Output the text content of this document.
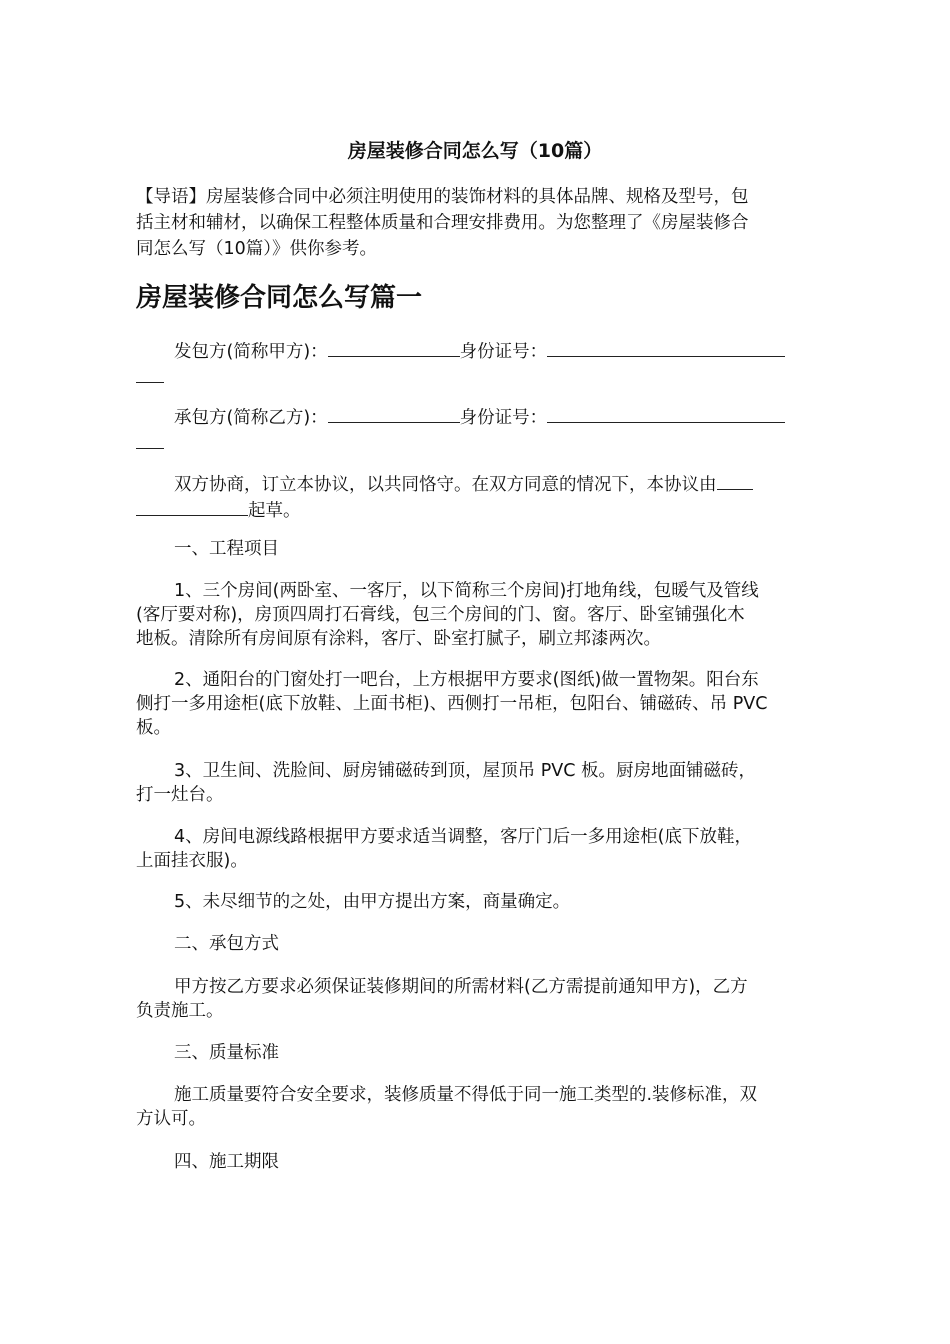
房屋装修合同怎么写（10篇）
【导语】房屋装修合同中必须注明使用的装饰材料的具体品牌、规格及型号，包
括主材和辅材，以确保工程整体质量和合理安排费用。为您整理了《房屋装修合
同怎么写（10篇）》供你参考。
房屋装修合同怎么写篇一
发包方(简称甲方)：	身份证号：
承包方(简称乙方)：	身份证号：
双方协商，订立本协议，以共同恪守。在双方同意的情况下，本协议由
起草。
一、工程项目
1、三个房间(两卧室、一客厅，以下简称三个房间)打地角线，包暖气及管线
(客厅要对称)，房顶四周打石膏线，包三个房间的门、窗。客厅、卧室铺强化木
地板。清除所有房间原有涂料，客厅、卧室打腻子，刷立邦漆两次。
2、通阳台的门窗处打一吧台，上方根据甲方要求(图纸)做一置物架。阳台东
侧打一多用途柜(底下放鞋、上面书柜)、西侧打一吊柜，包阳台、铺磁砖、吊 PVC
板。
3、卫生间、洗脸间、厨房铺磁砖到顶，屋顶吊 PVC 板。厨房地面铺磁砖，
打一灶台。
4、房间电源线路根据甲方要求适当调整，客厅门后一多用途柜(底下放鞋，
上面挂衣服)。
5、未尽细节的之处，由甲方提出方案，商量确定。
二、承包方式
甲方按乙方要求必须保证装修期间的所需材料(乙方需提前通知甲方)，乙方
负责施工。
三、质量标准
施工质量要符合安全要求，装修质量不得低于同一施工类型的.装修标准，双
方认可。
四、施工期限
